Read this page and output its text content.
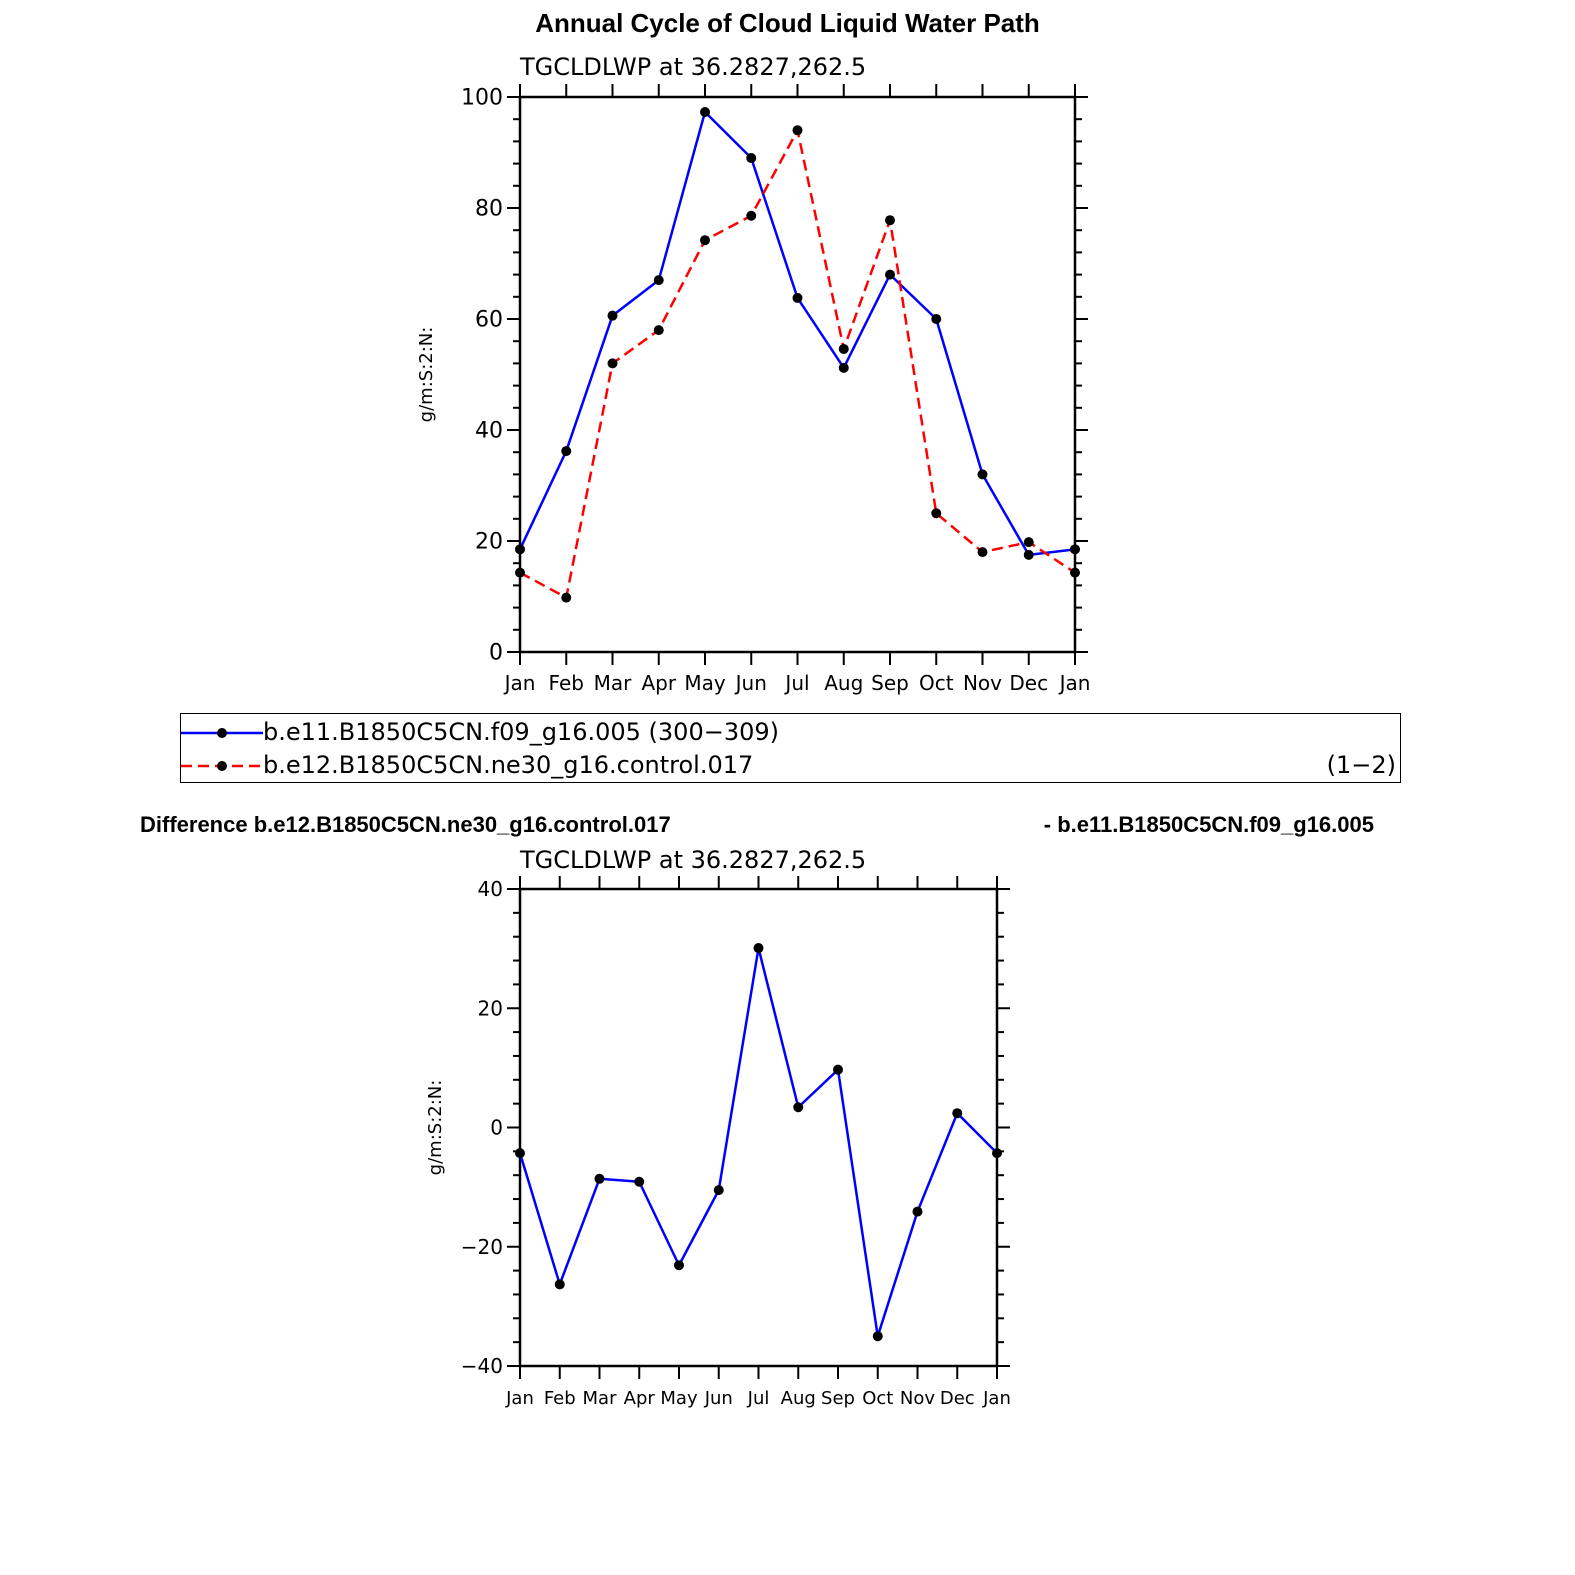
Annual Cycle of Cloud Liquid Water Path
TGCLDLWP at 36.2827,262.5
0
20
40
60
80
100
Jan Feb Mar Apr May Jun Jul Aug Sep Oct Nov Dec Jan
g/m:S:2:N:
TGCLDLWP at 36.2827,262.5
−40
−20
0
20
40
Jan Feb Mar Apr May Jun Jul Aug Sep Oct Nov Dec Jan
g/m:S:2:N:
b.e11.B1850C5CN.f09_g16.005 (300−309)
b.e12.B1850C5CN.ne30_g16.control.017	(1−2)
Difference b.e12.B1850C5CN.ne30_g16.control.017	- b.e11.B1850C5CN.f09_g16.005
